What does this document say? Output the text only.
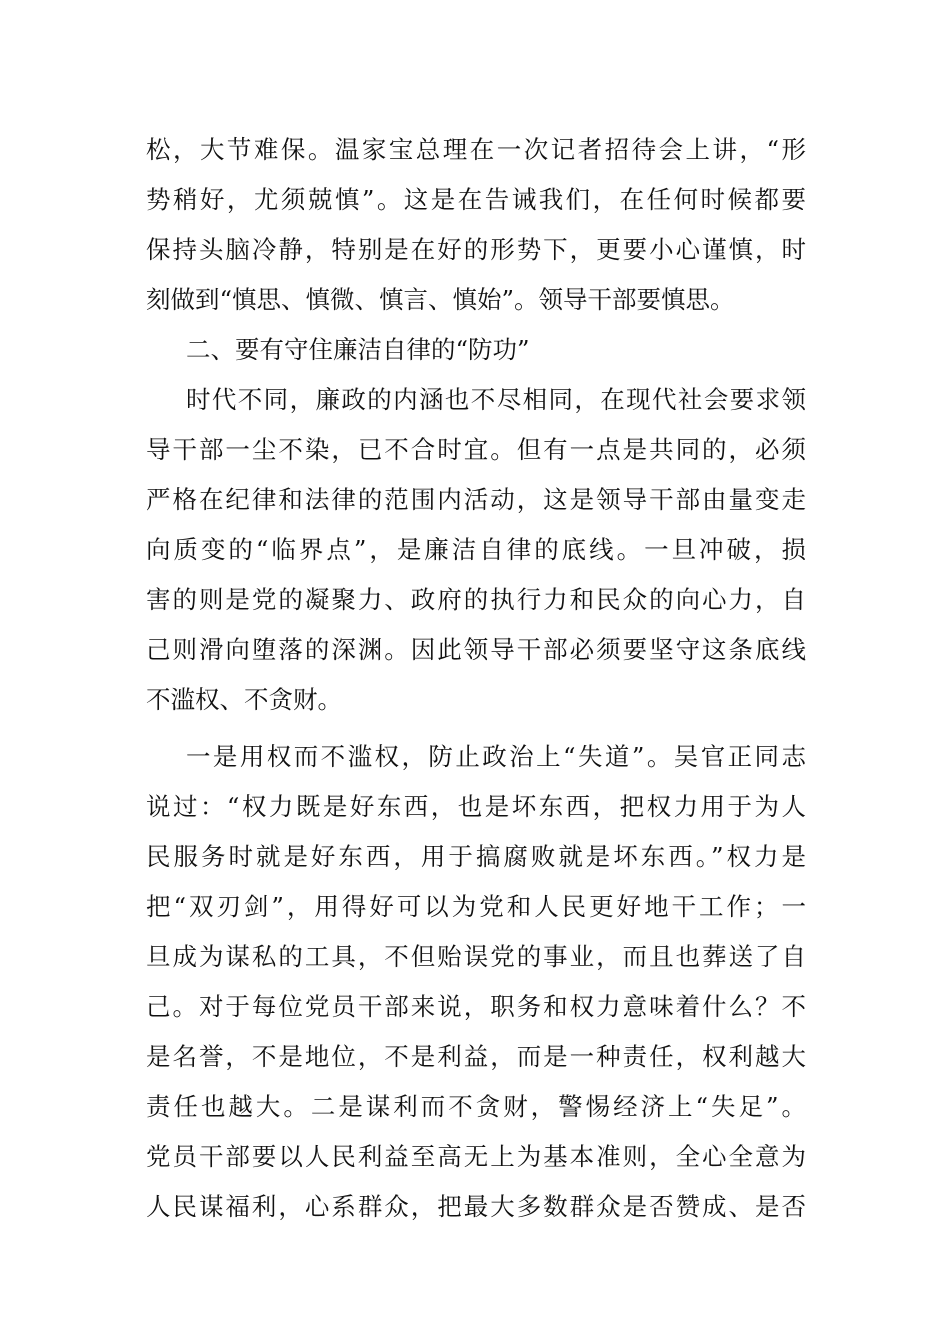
松，大节难保。温家宝总理在一次记者招待会上讲，“形
势稍好，尤须兢慎”。这是在告诫我们，在任何时候都要
保持头脑冷静，特别是在好的形势下，更要小心谨慎，时
刻做到“慎思、慎微、慎言、慎始”。领导干部要慎思。
二、要有守住廉洁自律的“防功”
时代不同，廉政的内涵也不尽相同，在现代社会要求领
导干部一尘不染，已不合时宜。但有一点是共同的，必须
严格在纪律和法律的范围内活动，这是领导干部由量变走
向质变的“临界点”，是廉洁自律的底线。一旦冲破，损
害的则是党的凝聚力、政府的执行力和民众的向心力，自
己则滑向堕落的深渊。因此领导干部必须要坚守这条底线
不滥权、不贪财。
一是用权而不滥权，防止政治上“失道”。吴官正同志
说过：“权力既是好东西，也是坏东西，把权力用于为人
民服务时就是好东西，用于搞腐败就是坏东西。”权力是
把“双刃剑”，用得好可以为党和人民更好地干工作；一
旦成为谋私的工具，不但贻误党的事业，而且也葬送了自
己。对于每位党员干部来说，职务和权力意味着什么？不
是名誉，不是地位，不是利益，而是一种责任，权利越大
责任也越大。二是谋利而不贪财，警惕经济上“失足”。
党员干部要以人民利益至高无上为基本准则，全心全意为
人民谋福利，心系群众，把最大多数群众是否赞成、是否
